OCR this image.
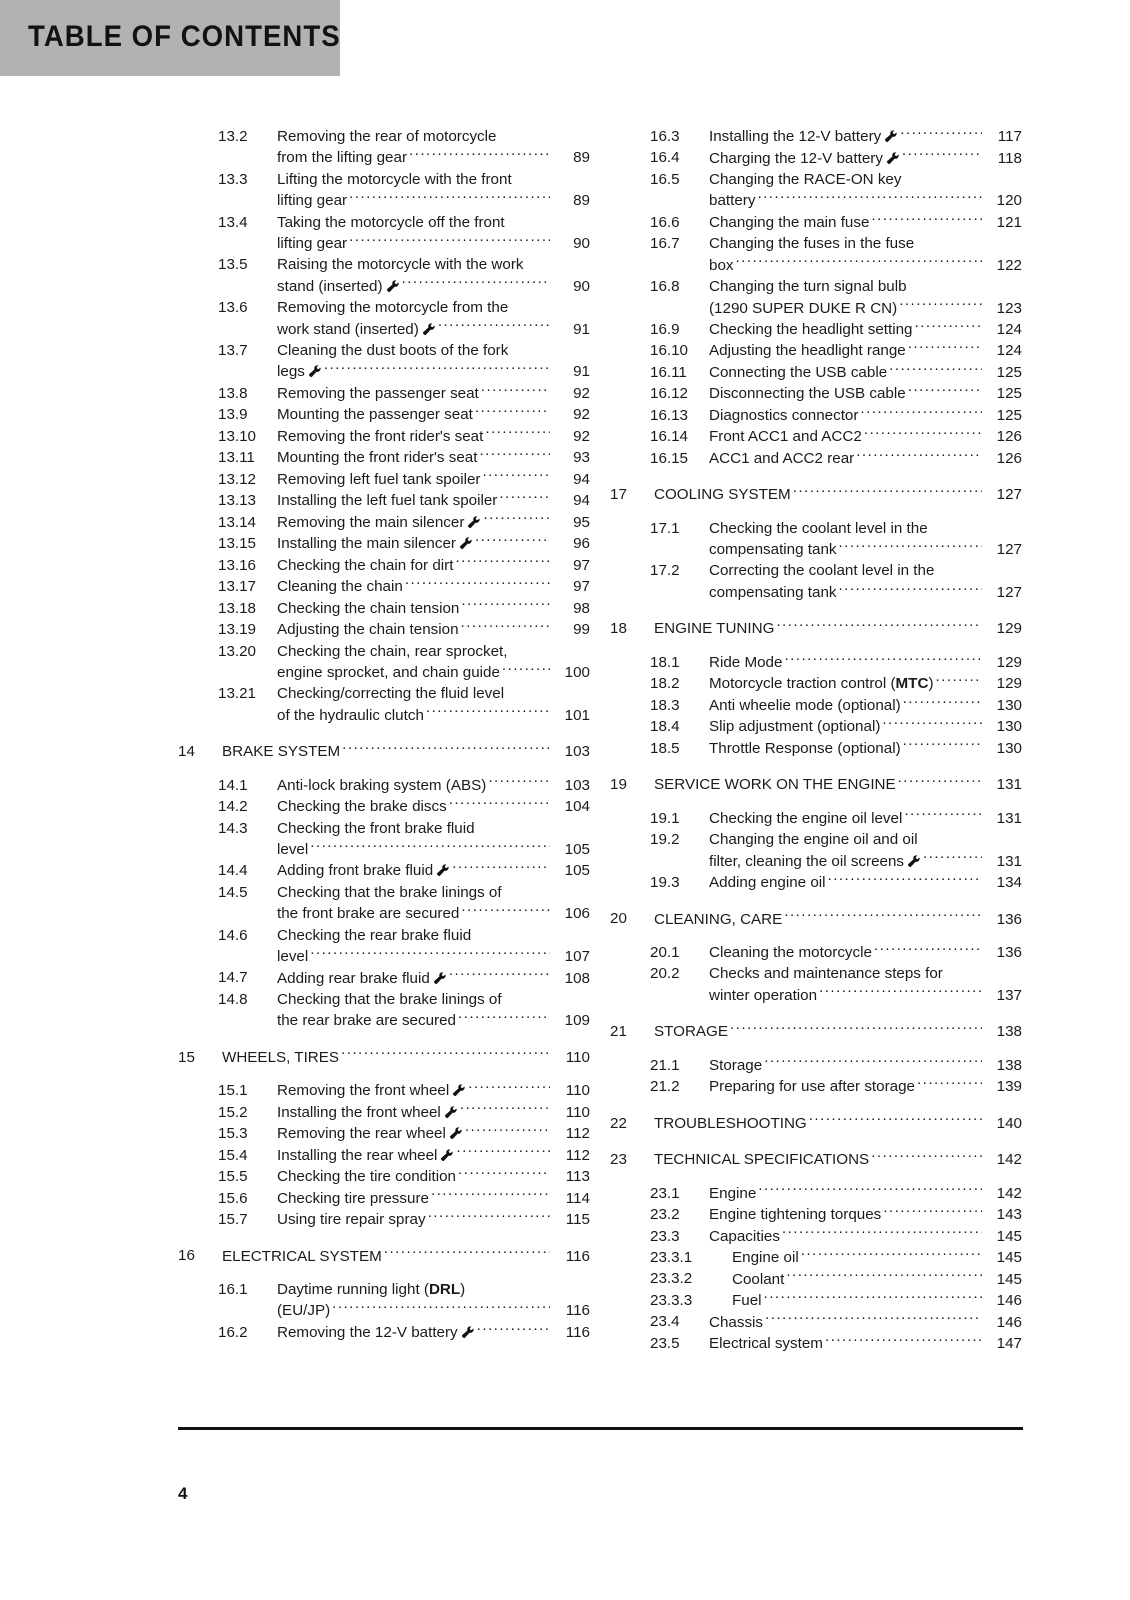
TABLE OF CONTENTS
13.2	Removing the rear of motorcycle
from the lifting gear .....	89
13.3	Lifting the motorcycle with the front
lifting gear .....	89
13.4	Taking the motorcycle off the front
lifting gear .....	90
13.5	Raising the motorcycle with the work
stand (inserted) .....	90
13.6	Removing the motorcycle from the
work stand (inserted) .....	91
13.7	Cleaning the dust boots of the fork
legs .....	91
13.8	Removing the passenger seat .....	92
13.9	Mounting the passenger seat .....	92
13.10	Removing the front rider's seat .....	92
13.11	Mounting the front rider's seat .....	93
13.12	Removing left fuel tank spoiler .....	94
13.13	Installing the left fuel tank spoiler .....	94
13.14	Removing the main silencer .....	95
13.15	Installing the main silencer .....	96
13.16	Checking the chain for dirt .....	97
13.17	Cleaning the chain .....	97
13.18	Checking the chain tension .....	98
13.19	Adjusting the chain tension .....	99
13.20	Checking the chain, rear sprocket,
engine sprocket, and chain guide .....	100
13.21	Checking/correcting the fluid level
of the hydraulic clutch .....	101
14	BRAKE SYSTEM .....	103
14.1	Anti-lock braking system (ABS) .....	103
14.2	Checking the brake discs .....	104
14.3	Checking the front brake fluid
level .....	105
14.4	Adding front brake fluid .....	105
14.5	Checking that the brake linings of
the front brake are secured .....	106
14.6	Checking the rear brake fluid
level .....	107
14.7	Adding rear brake fluid .....	108
14.8	Checking that the brake linings of
the rear brake are secured .....	109
15	WHEELS, TIRES .....	110
15.1	Removing the front wheel .....	110
15.2	Installing the front wheel .....	110
15.3	Removing the rear wheel .....	112
15.4	Installing the rear wheel .....	112
15.5	Checking the tire condition .....	113
15.6	Checking tire pressure .....	114
15.7	Using tire repair spray .....	115
16	ELECTRICAL SYSTEM .....	116
16.1	Daytime running light (DRL)
(EU/JP) .....	116
16.2	Removing the 12-V battery .....	116
16.3	Installing the 12-V battery .....	117
16.4	Charging the 12-V battery .....	118
16.5	Changing the RACE-ON key
battery .....	120
16.6	Changing the main fuse .....	121
16.7	Changing the fuses in the fuse
box .....	122
16.8	Changing the turn signal bulb
(1290 SUPER DUKE R CN) .....	123
16.9	Checking the headlight setting .....	124
16.10	Adjusting the headlight range .....	124
16.11	Connecting the USB cable .....	125
16.12	Disconnecting the USB cable .....	125
16.13	Diagnostics connector .....	125
16.14	Front ACC1 and ACC2 .....	126
16.15	ACC1 and ACC2 rear .....	126
17	COOLING SYSTEM .....	127
17.1	Checking the coolant level in the
compensating tank .....	127
17.2	Correcting the coolant level in the
compensating tank .....	127
18	ENGINE TUNING .....	129
18.1	Ride Mode .....	129
18.2	Motorcycle traction control (MTC) .....	129
18.3	Anti wheelie mode (optional) .....	130
18.4	Slip adjustment (optional) .....	130
18.5	Throttle Response (optional) .....	130
19	SERVICE WORK ON THE ENGINE .....	131
19.1	Checking the engine oil level .....	131
19.2	Changing the engine oil and oil
filter, cleaning the oil screens .....	131
19.3	Adding engine oil .....	134
20	CLEANING, CARE .....	136
20.1	Cleaning the motorcycle .....	136
20.2	Checks and maintenance steps for
winter operation .....	137
21	STORAGE .....	138
21.1	Storage .....	138
21.2	Preparing for use after storage .....	139
22	TROUBLESHOOTING .....	140
23	TECHNICAL SPECIFICATIONS .....	142
23.1	Engine .....	142
23.2	Engine tightening torques .....	143
23.3	Capacities .....	145
23.3.1	Engine oil .....	145
23.3.2	Coolant .....	145
23.3.3	Fuel .....	146
23.4	Chassis .....	146
23.5	Electrical system .....	147
4
